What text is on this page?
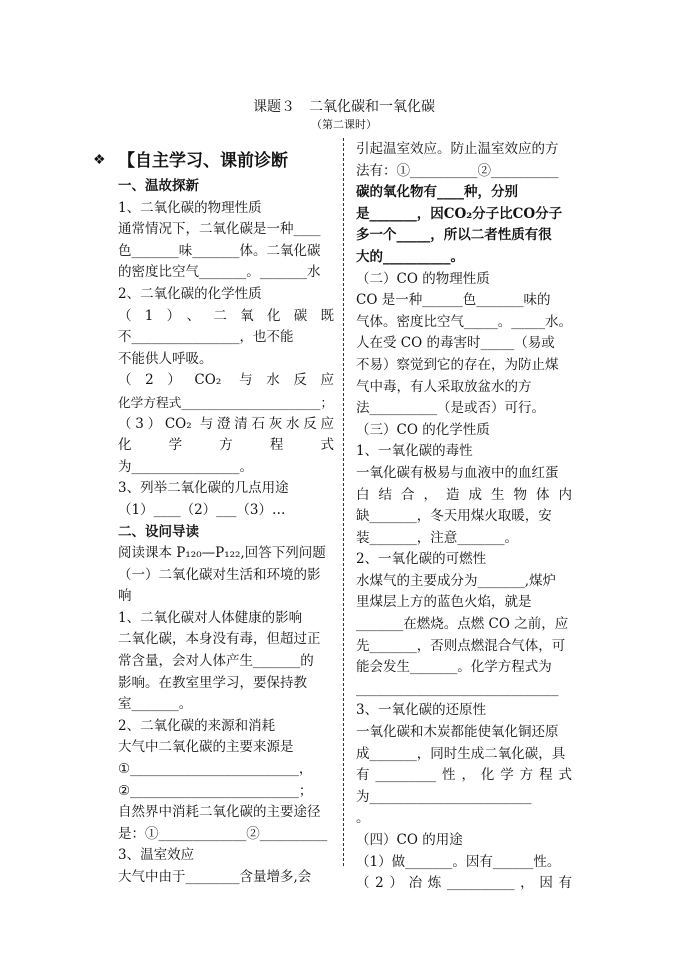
课题３　二氧化碳和一氧化碳
（第二课时）
❖ 【自主学习、课前诊断
一、温故探新
1、二氧化碳的物理性质
通常情况下，二氧化碳是一种____
色_______味_______体。二氧化碳
的密度比空气_______。_______水
2、二氧化碳的化学性质
（1）、二氧化碳既
不________________，也不能
不能供人呼吸。
（2）CO₂ 与水反应
化学方程式______________________；
（3）CO₂ 与澄清石灰水反应
化　学　方　程　式
为________________。
3、列举二氧化碳的几点用途
（1）____（2）___（3）…
二、设问导读
阅读课本 P₁₂₀—P₁₂₂,回答下列问题
（一）二氧化碳对生活和环境的影
响
1、二氧化碳对人体健康的影响
二氧化碳，本身没有毒，但超过正
常含量，会对人体产生_______的
影响。在教室里学习，要保持教
室_______。
2、二氧化碳的来源和消耗
大气中二氧化碳的主要来源是
①_________________________，
②_________________________；
自然界中消耗二氧化碳的主要途径
是：①_____________②__________
3、温室效应
大气中由于________含量增多,会
引起温室效应。防止温室效应的方
法有：①__________②__________
碳的氧化物有____种，分别
是_______，因CO₂分子比CO分子
多一个_____，所以二者性质有很
大的__________。
（二）CO 的物理性质
CO 是一种______色_______味的
气体。密度比空气_____。_____水。
人在受 CO 的毒害时_____（易或
不易）察觉到它的存在，为防止煤
气中毒，有人采取放盆水的方
法__________（是或否）可行。
（三）CO 的化学性质
1、一氧化碳的毒性
一氧化碳有极易与血液中的血红蛋
白结合，造成生物体内
缺_______，冬天用煤火取暖，安
装_______，注意_______。
2、一氧化碳的可燃性
水煤气的主要成分为_______,煤炉
里煤层上方的蓝色火焰，就是
_______在燃烧。点燃 CO 之前，应
先_______，否则点燃混合气体，可
能会发生_______。化学方程式为
______________________________
3、一氧化碳的还原性
一氧化碳和木炭都能使氧化铜还原
成_______，同时生成二氧化碳，具
有_________性，化学方程式
为________________________
。
（四）CO 的用途
（1）做_______。因有______性。
（2）冶炼__________，因有
